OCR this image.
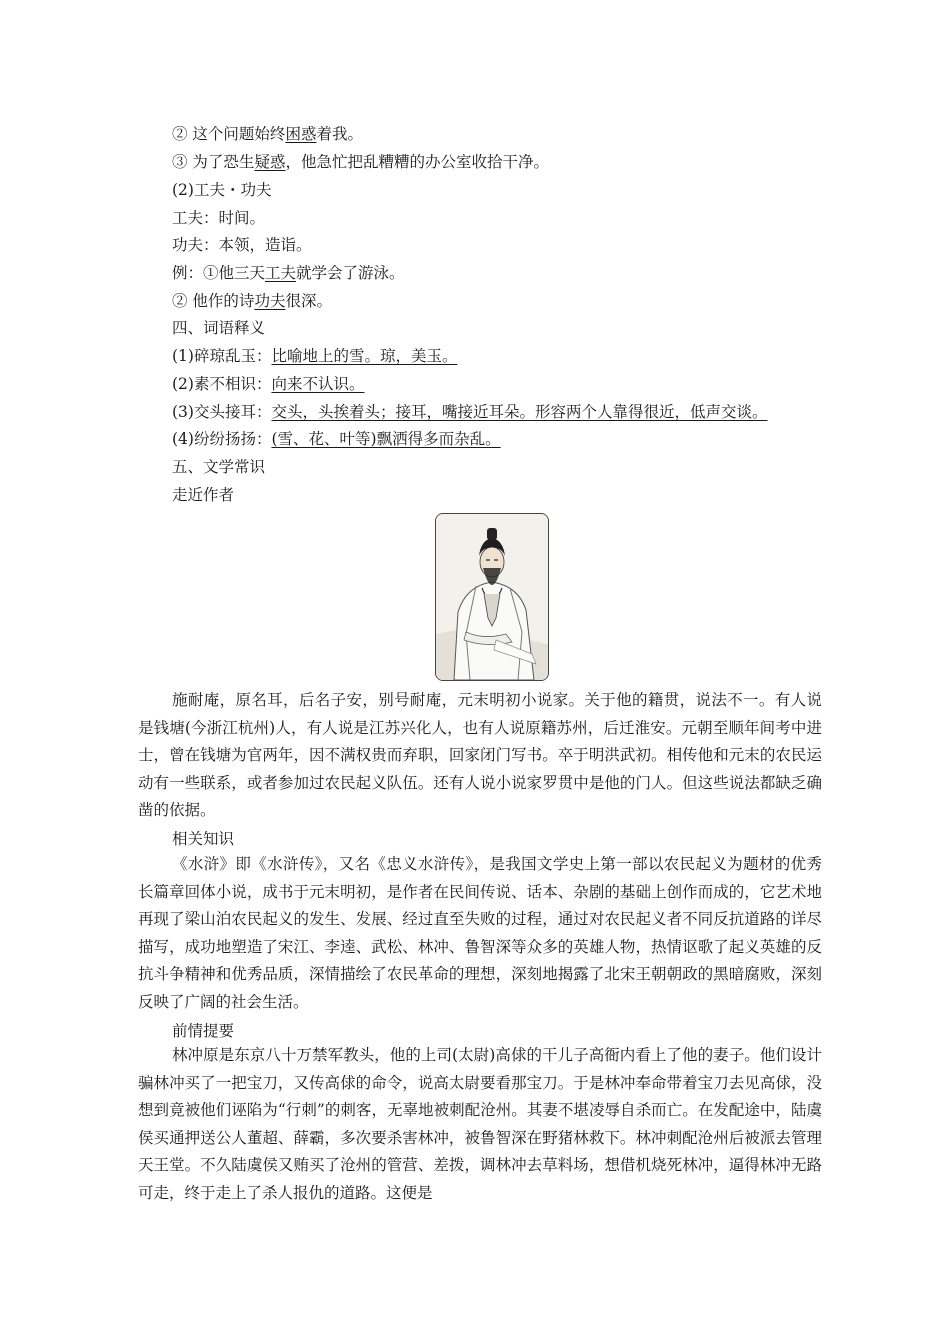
② 这个问题始终困惑着我。
③ 为了恐生疑惑，他急忙把乱糟糟的办公室收拾干净。
(2)工夫・功夫
工夫：时间。
功夫：本领，造诣。
例：①他三天工夫就学会了游泳。
② 他作的诗功夫很深。
四、词语释义
(1)碎琼乱玉：比喻地上的雪。琼，美玉。
(2)素不相识：向来不认识。
(3)交头接耳：交头，头挨着头；接耳，嘴接近耳朵。形容两个人靠得很近，低声交谈。
(4)纷纷扬扬：(雪、花、叶等)飘洒得多而杂乱。
五、文学常识
走近作者

施耐庵，原名耳，后名子安，别号耐庵，元末明初小说家。关于他的籍贯，说法不一。有人说是钱塘(今浙江杭州)人，有人说是江苏兴化人，也有人说原籍苏州，后迁淮安。元朝至顺年间考中进士，曾在钱塘为官两年，因不满权贵而弃职，回家闭门写书。卒于明洪武初。相传他和元末的农民运动有一些联系，或者参加过农民起义队伍。还有人说小说家罗贯中是他的门人。但这些说法都缺乏确凿的依据。

相关知识

《水浒》即《水浒传》，又名《忠义水浒传》，是我国文学史上第一部以农民起义为题材的优秀长篇章回体小说，成书于元末明初，是作者在民间传说、话本、杂剧的基础上创作而成的，它艺术地再现了梁山泊农民起义的发生、发展、经过直至失败的过程，通过对农民起义者不同反抗道路的详尽描写，成功地塑造了宋江、李逵、武松、林冲、鲁智深等众多的英雄人物，热情讴歌了起义英雄的反抗斗争精神和优秀品质，深情描绘了农民革命的理想，深刻地揭露了北宋王朝朝政的黑暗腐败，深刻反映了广阔的社会生活。

前情提要

林冲原是东京八十万禁军教头，他的上司(太尉)高俅的干儿子高衙内看上了他的妻子。他们设计骗林冲买了一把宝刀，又传高俅的命令，说高太尉要看那宝刀。于是林冲奉命带着宝刀去见高俅，没想到竟被他们诬陷为“行刺”的刺客，无辜地被刺配沧州。其妻不堪凌辱自杀而亡。在发配途中，陆虞侯买通押送公人董超、薛霸，多次要杀害林冲，被鲁智深在野猪林救下。林冲刺配沧州后被派去管理天王堂。不久陆虞侯又贿买了沧州的管营、差拨，调林冲去草料场，想借机烧死林冲，逼得林冲无路可走，终于走上了杀人报仇的道路。这便是
